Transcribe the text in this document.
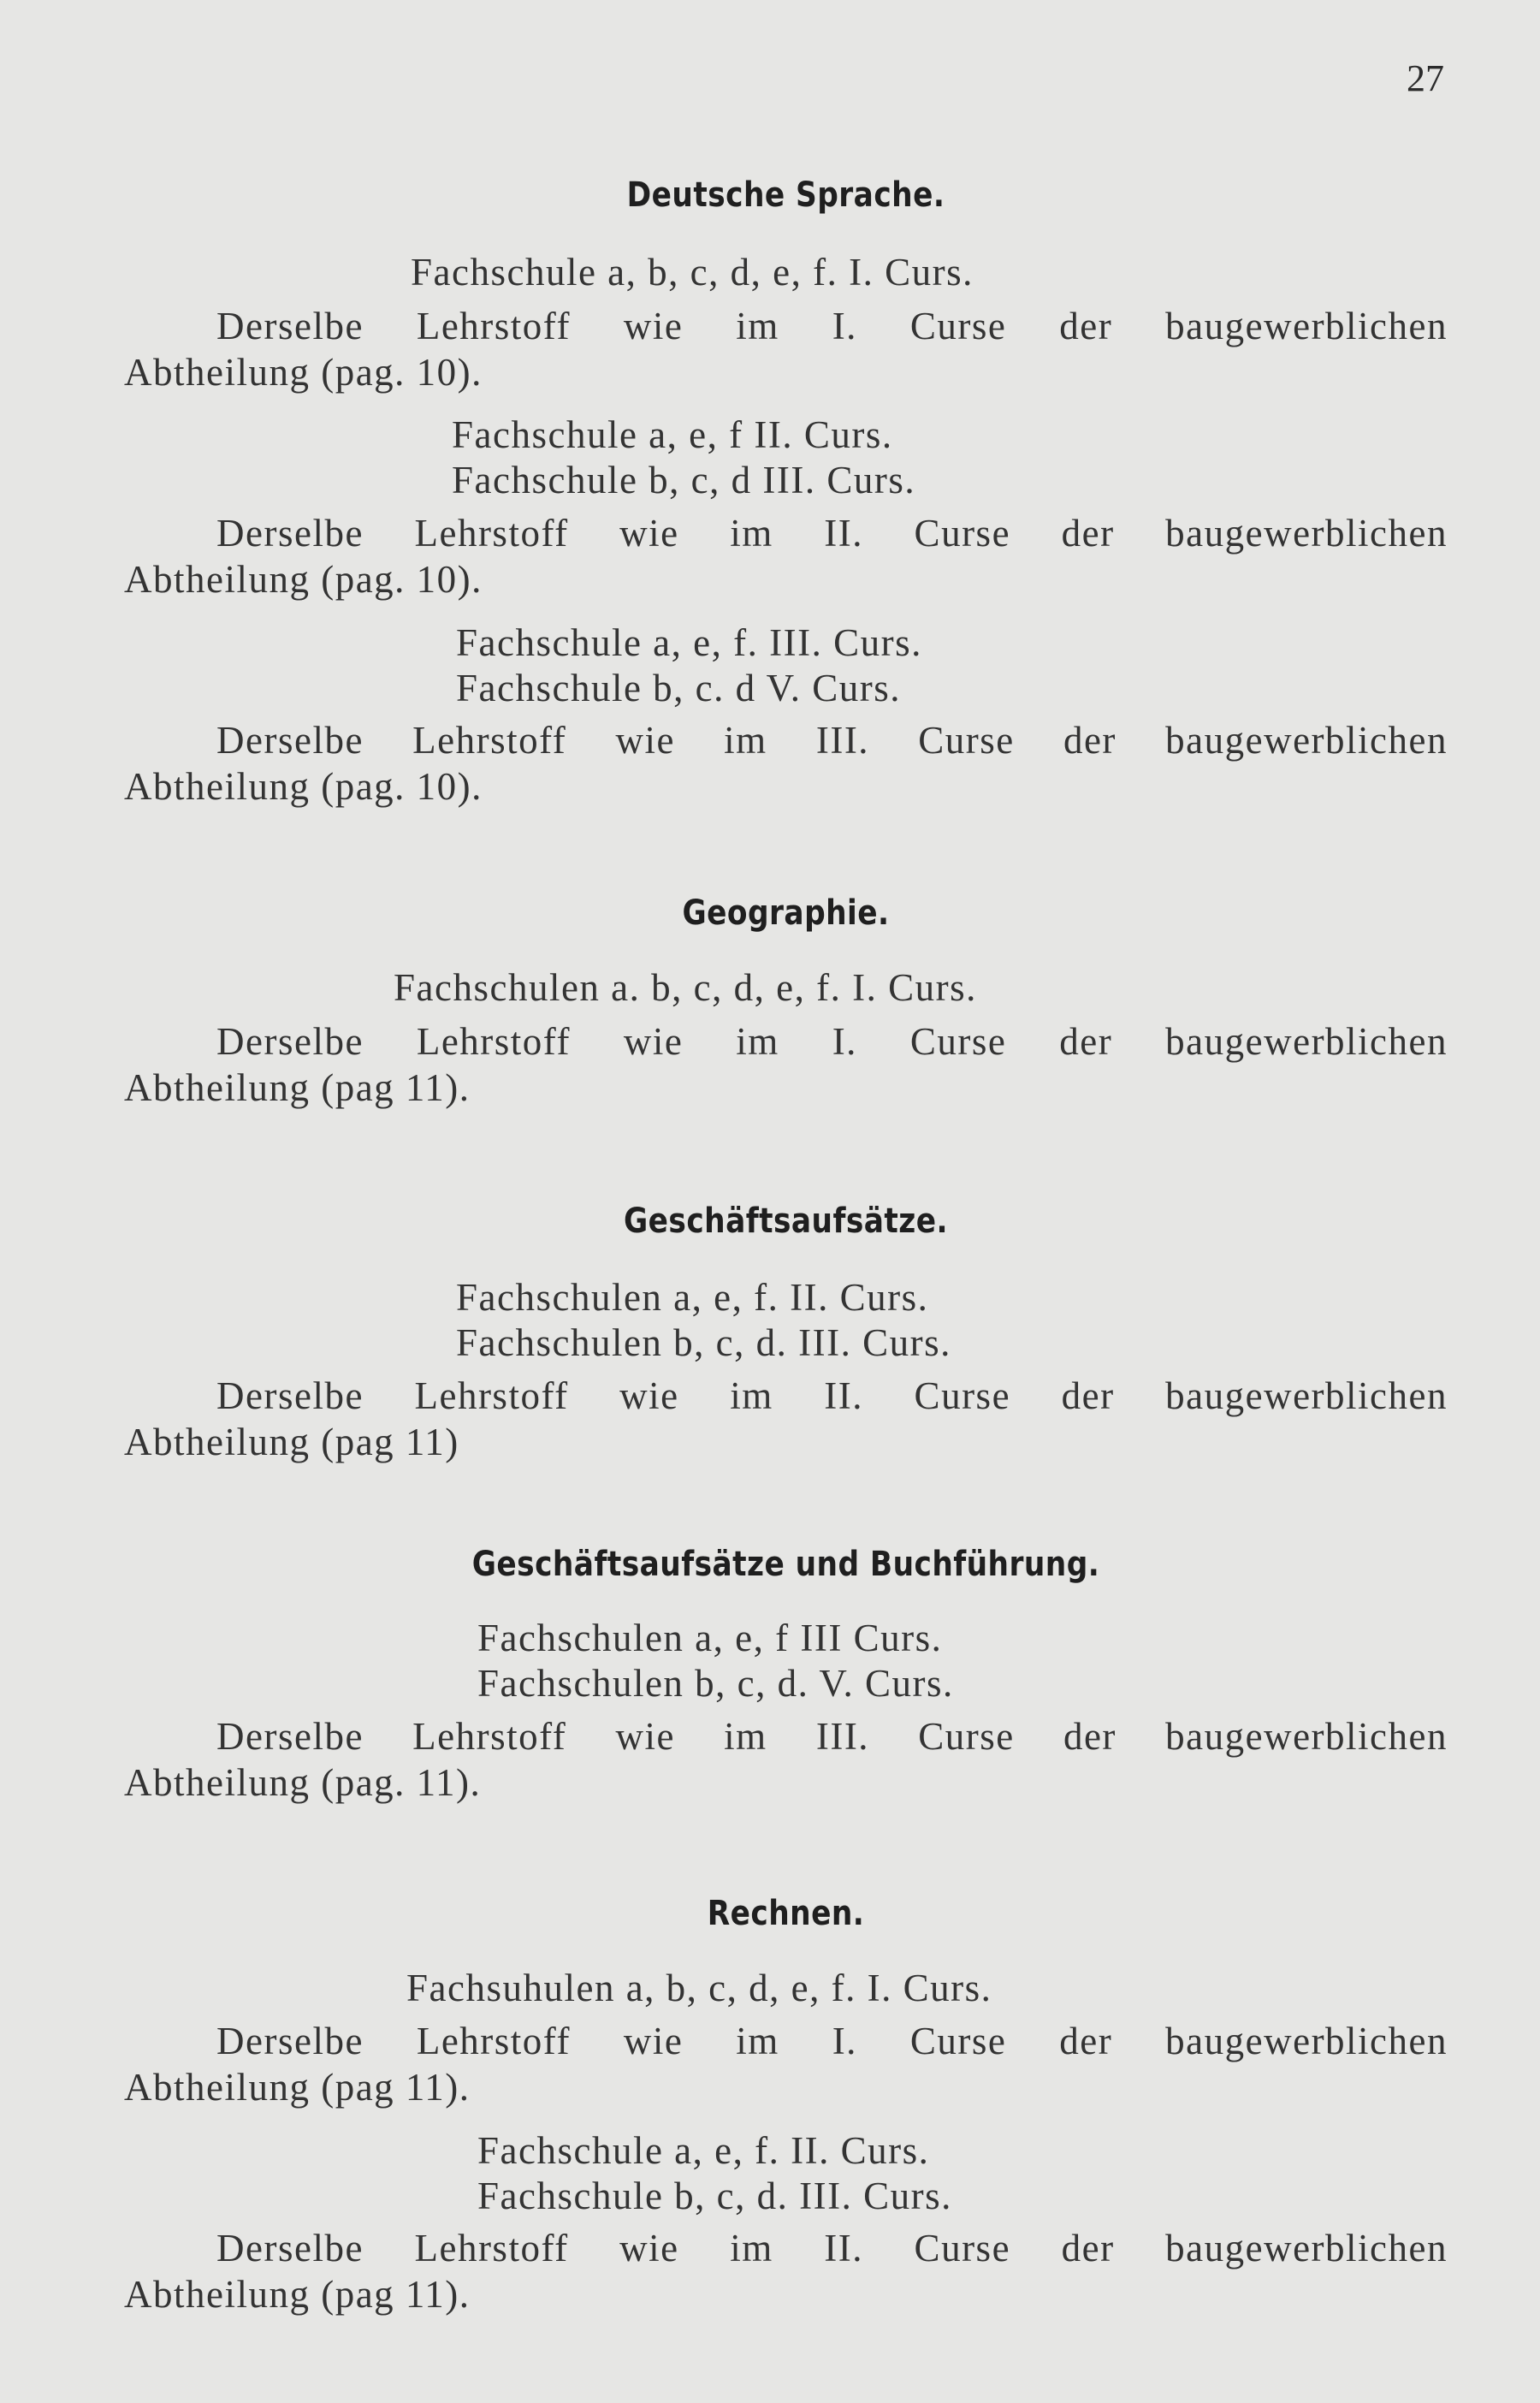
27
Deutsche Sprache.
Fachschule a, b, c, d, e, f. I. Curs.
Derselbe Lehrstoff wie im I. Curse der baugewerblichen
Abtheilung (pag. 10).
Fachschule a, e, f II. Curs.
Fachschule b, c, d III. Curs.
Derselbe Lehrstoff wie im II. Curse der baugewerblichen
Abtheilung (pag. 10).
Fachschule a, e, f. III. Curs.
Fachschule b, c. d V. Curs.
Derselbe Lehrstoff wie im III. Curse der baugewerblichen
Abtheilung (pag. 10).
Geographie.
Fachschulen a. b, c, d, e, f. I. Curs.
Derselbe Lehrstoff wie im I. Curse der baugewerblichen
Abtheilung (pag 11).
Geschäftsaufsätze.
Fachschulen a, e, f. II. Curs.
Fachschulen b, c, d. III. Curs.
Derselbe Lehrstoff wie im II. Curse der baugewerblichen
Abtheilung (pag 11)
Geschäftsaufsätze und Buchführung.
Fachschulen a, e, f III Curs.
Fachschulen b, c, d. V. Curs.
Derselbe Lehrstoff wie im III. Curse der baugewerblichen
Abtheilung (pag. 11).
Rechnen.
Fachsuhulen a, b, c, d, e, f. I. Curs.
Derselbe Lehrstoff wie im I. Curse der baugewerblichen
Abtheilung (pag 11).
Fachschule a, e, f. II. Curs.
Fachschule b, c, d. III. Curs.
Derselbe Lehrstoff wie im II. Curse der baugewerblichen
Abtheilung (pag 11).
